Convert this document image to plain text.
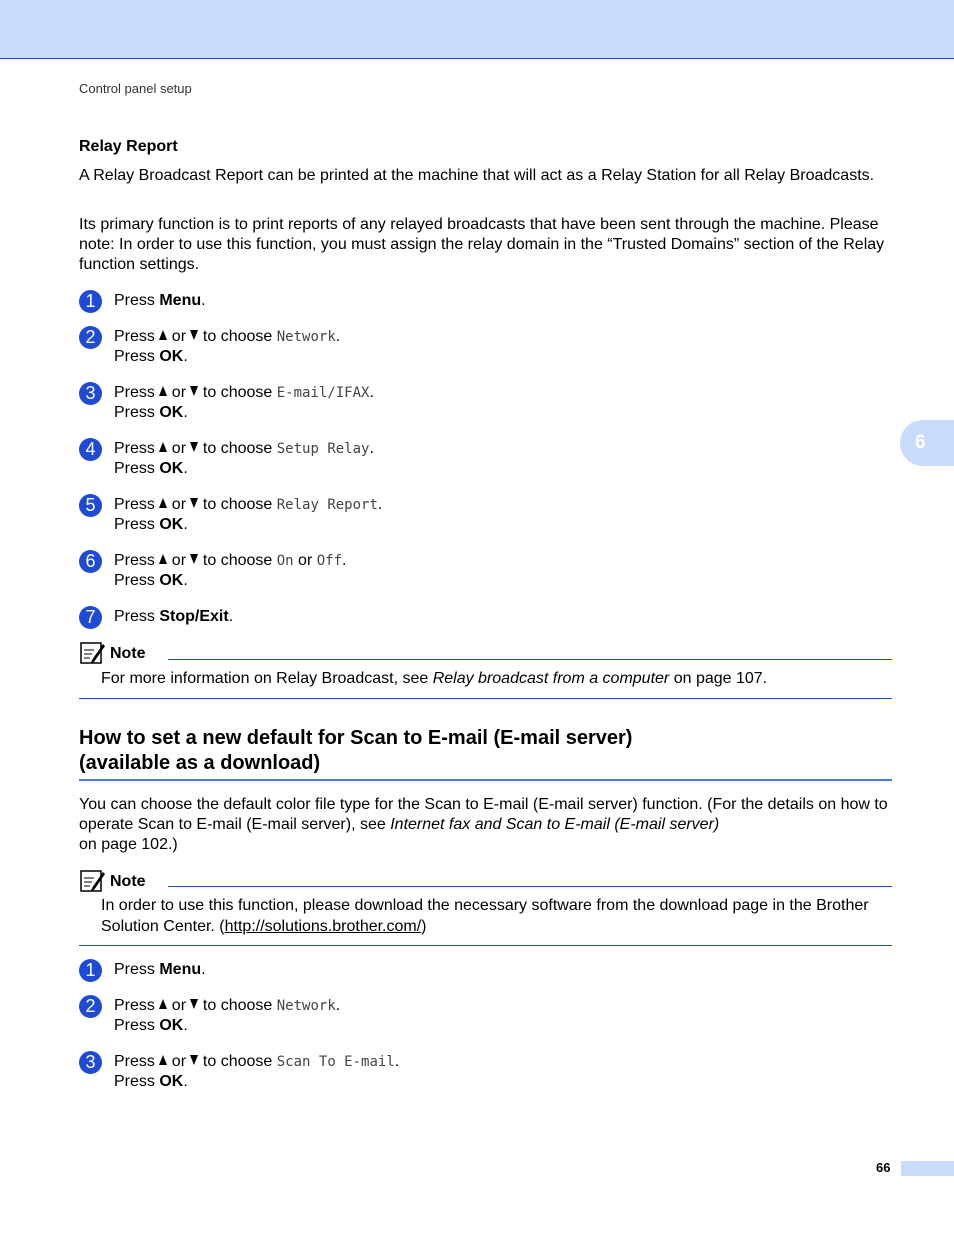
Control panel setup
6
Relay Report
A Relay Broadcast Report can be printed at the machine that will act as a Relay Station for all Relay Broadcasts.
Its primary function is to print reports of any relayed broadcasts that have been sent through the machine. Please note: In order to use this function, you must assign the relay domain in the “Trusted Domains” section of the Relay function settings.
1	Press Menu.
2	Press  or  to choose Network.
Press OK.
3	Press  or  to choose E-mail/IFAX.
Press OK.
4	Press  or  to choose Setup Relay.
Press OK.
5	Press  or  to choose Relay Report.
Press OK.
6	Press  or  to choose On or Off.
Press OK.
7	Press Stop/Exit.
Note
For more information on Relay Broadcast, see Relay broadcast from a computer on page 107.
How to set a new default for Scan to E-mail (E-mail server)
(available as a download)
You can choose the default color file type for the Scan to E-mail (E-mail server) function. (For the details on how to operate Scan to E-mail (E-mail server), see Internet fax and Scan to E-mail (E-mail server)
on page 102.)
Note
In order to use this function, please download the necessary software from the download page in the Brother Solution Center. (http://solutions.brother.com/)
1	Press Menu.
2	Press  or  to choose Network.
Press OK.
3	Press  or  to choose Scan To E-mail.
Press OK.
66
